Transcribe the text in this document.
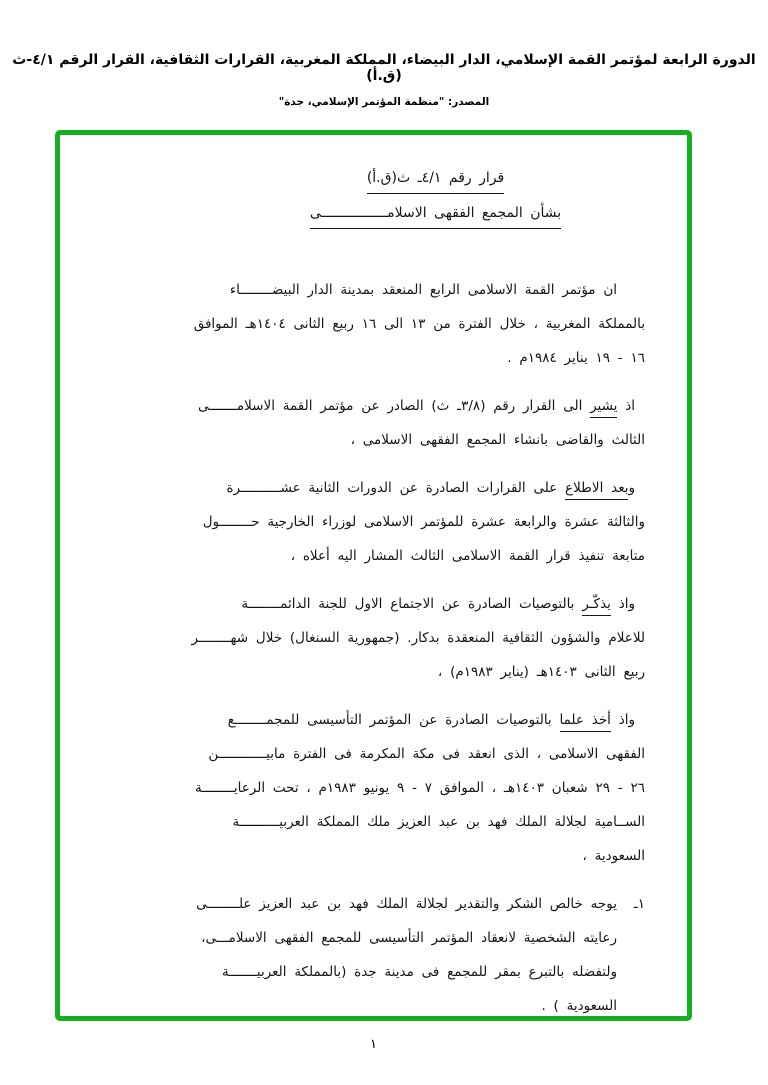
الدورة الرابعة لمؤتمر القمة الإسلامي، الدار البيضاء، المملكة المغربية، القرارات الثقافية، القرار الرقم ٤/١-ث (ق.أ)
المصدر: "منظمة المؤتمر الإسلامي، جدة"
قرار رقم ٤/١ـ ث(ق.أ)
بشأن المجمع الفقهى الاسلامــــــــــــــــى
ان مؤتمر القمة الاسلامى الرابع المنعقد بمدينة الدار البيضــــــــاء
بالمملكة المغربية ، خلال الفترة من ١٣ الى ١٦ ربيع الثانى ١٤٠٤هـ الموافق
١٦ - ١٩ يناير ١٩٨٤م .
اذ يشير الى القرار رقم (٣/٨ـ ث) الصادر عن مؤتمر القمة الاسلامـــــــى
الثالث والقاضى بانشاء المجمع الفقهى الاسلامى ،
وبعد الاطلاع على القرارات الصادرة عن الدورات الثانية عشــــــــــرة
والثالثة عشرة والرابعة عشرة للمؤتمر الاسلامى لوزراء الخارجية حــــــــول
متابعة تنفيذ قرار القمة الاسلامى الثالث المشار اليه أعلاه ،
واذ يذكّـر بالتوصيات الصادرة عن الاجتماع الاول للجنة الدائمــــــــة
للاعلام والشؤون الثقافية المنعقدة بدكار. (جمهورية السنغال) خلال شهــــــــر
ربيع الثانى ١٤٠٣هـ (يناير ١٩٨٣م) ،
واذ أخذ علما بالتوصيات الصادرة عن المؤتمر التأسيسى للمجمــــــــع
الفقهى الاسلامى ، الذى انعقد فى مكة المكرمة فى الفترة مابيــــــــــــن
٢٦ - ٢٩ شعبان ١٤٠٣هـ ، الموافق ٧ - ٩ يونيو ١٩٨٣م ، تحت الرعايــــــــة
الســامية لجلالة الملك فهد بن عبد العزيز ملك المملكة العربيــــــــــة
السعودية ،
١ـ
يوجه خالص الشكر والتقدير لجلالة الملك فهد بن عبد العزيز علــــــــى
رعايته الشخصية لانعقاد المؤتمر التأسيسى للمجمع الفقهى الاسلامـــى،
ولتفضله بالتبرع بمقر للمجمع فى مدينة جدة (بالمملكة العربيـــــــة
السعودية ) .
١
